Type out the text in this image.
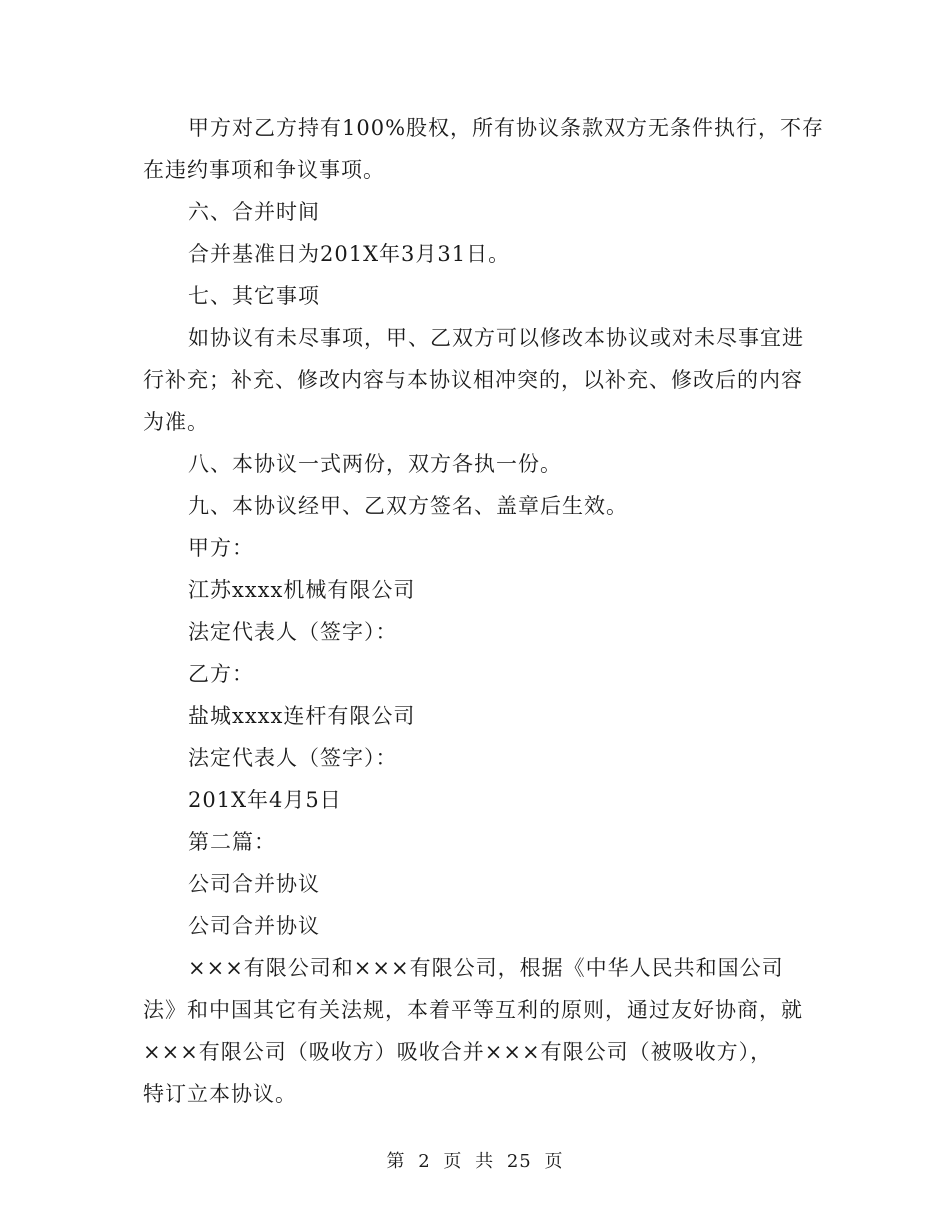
甲方对乙方持有100%股权，所有协议条款双方无条件执行，不存
在违约事项和争议事项。
六、合并时间
合并基准日为201X年3月31日。
七、其它事项
如协议有未尽事项，甲、乙双方可以修改本协议或对未尽事宜进
行补充；补充、修改内容与本协议相冲突的，以补充、修改后的内容
为准。
八、本协议一式两份，双方各执一份。
九、本协议经甲、乙双方签名、盖章后生效。
甲方：
江苏xxxx机械有限公司
法定代表人（签字）：
乙方：
盐城xxxx连杆有限公司
法定代表人（签字）：
201X年4月5日
第二篇：
公司合并协议
公司合并协议
×××有限公司和×××有限公司，根据《中华人民共和国公司
法》和中国其它有关法规，本着平等互利的原则，通过友好协商，就
×××有限公司（吸收方）吸收合并×××有限公司（被吸收方），
特订立本协议。
第 2 页 共 25 页
